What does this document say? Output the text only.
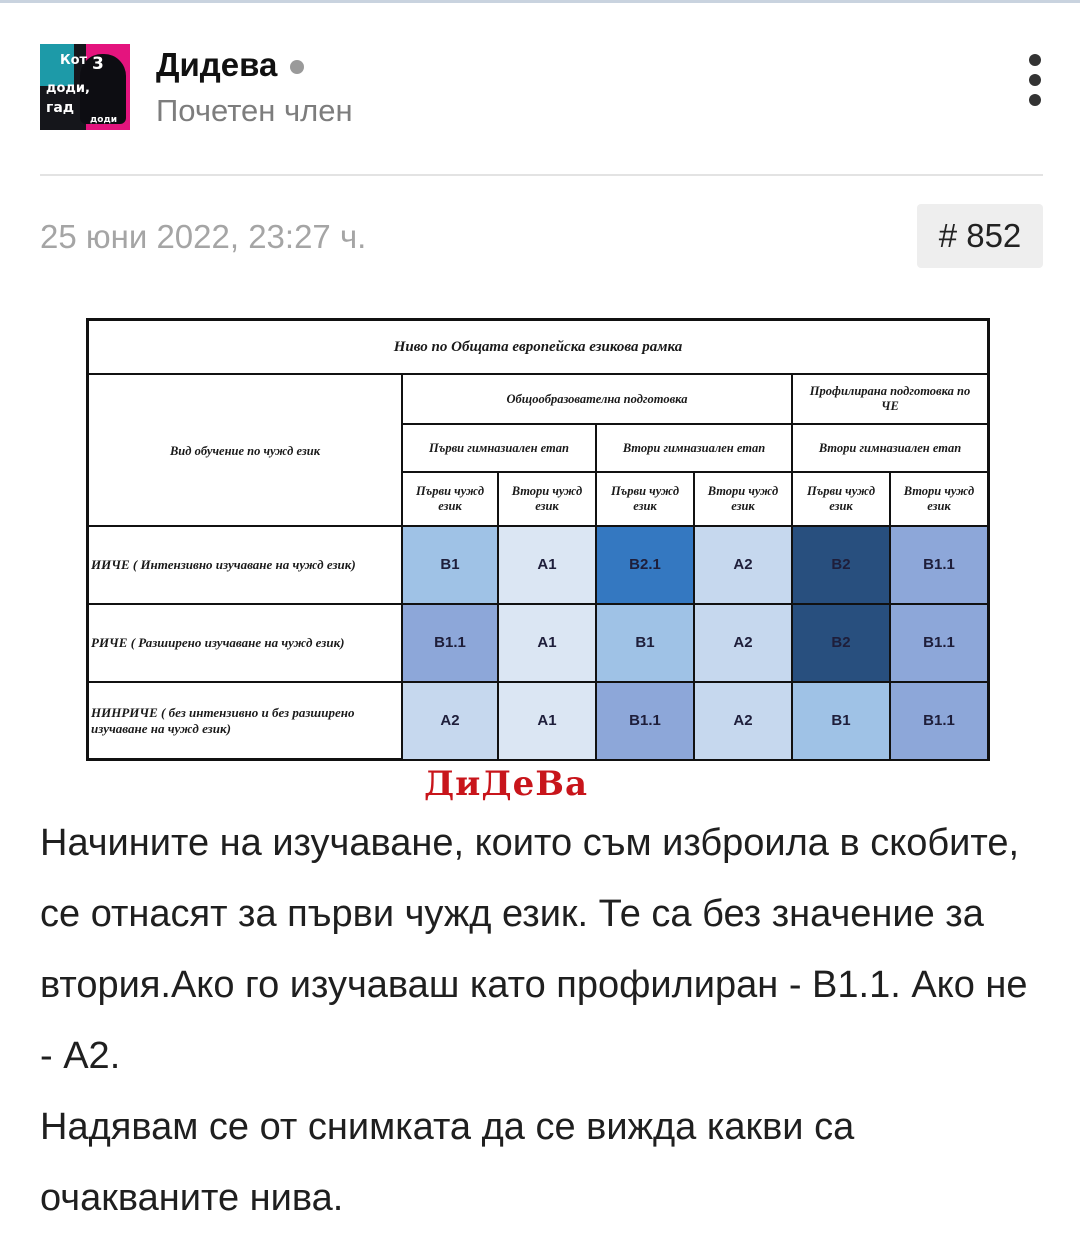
Кот 3
доди,
гад
доди
Дидева
Почетен член
25 юни 2022, 23:27 ч.	# 852
Ниво по Общата европейска езикова рамка
Вид обучение по чужд език
Общообразователна подготовка
Профилирана подготовка по ЧЕ
Първи гимназиален етап	Втори гимназиален етап	Втори гимназиален етап
Първи чужд език
Втори чужд език
Първи чужд език
Втори чужд език
Първи чужд език
Втори чужд език
ИИЧЕ ( Интензивно изучаване на чужд език)	B1	A1	B2.1	A2	B2	B1.1
РИЧЕ ( Разширено изучаване на чужд език)	B1.1	A1	B1	A2	B2	B1.1
НИНРИЧЕ ( без интензивно и без разширено изучаване на чужд език)	A2	A1	B1.1	A2	B1	B1.1
ДиДеВа

Начините на изучаване, които съм изброила в скобите, се отнасят за първи чужд език. Те са без значение за втория.Ако го изучаваш като профилиран - B1.1. Ако не - A2.

Надявам се от снимката да се вижда какви са очакваните нива.
